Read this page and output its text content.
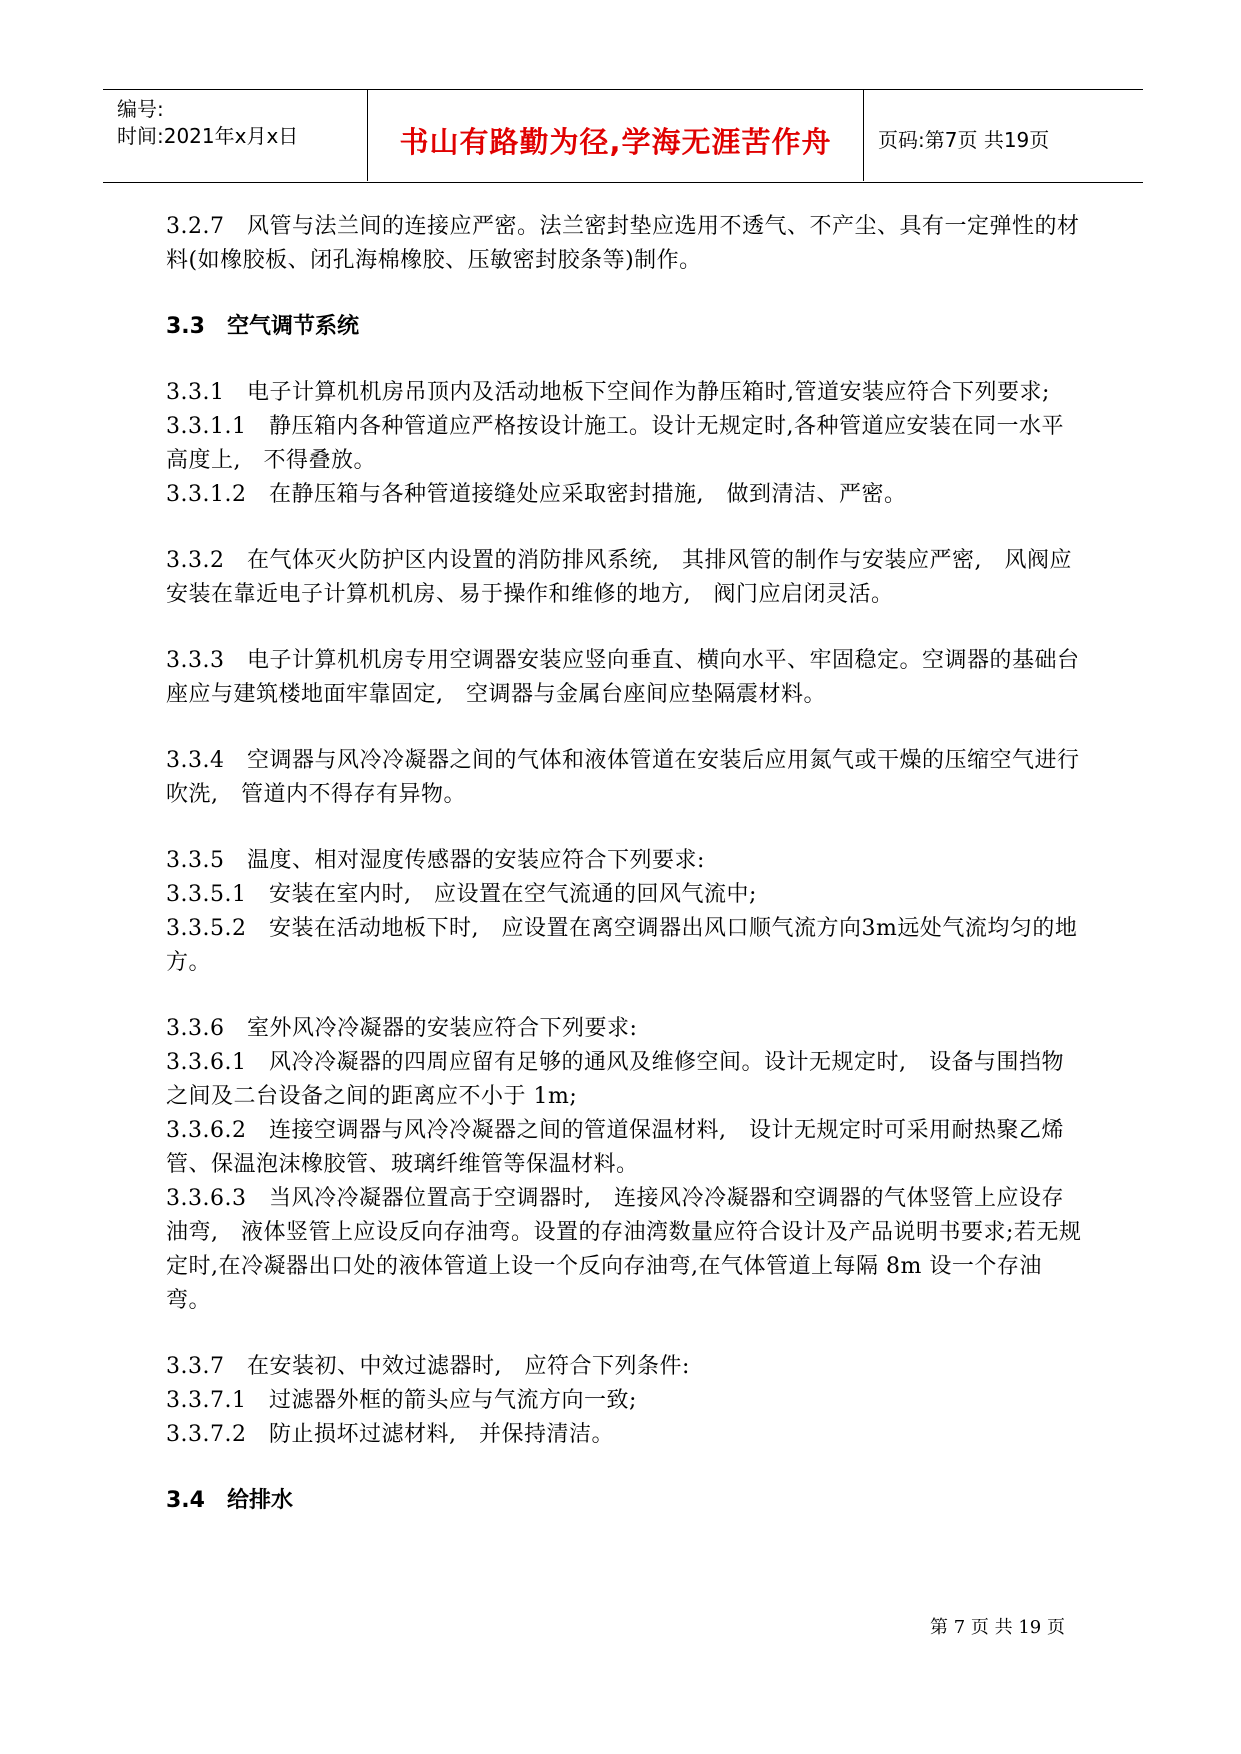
编号:
时间:2021年x月x日	书山有路勤为径,学海无涯苦作舟	页码:第7页 共19页

3.2.7　风管与法兰间的连接应严密。法兰密封垫应选用不透气、不产尘、具有一定弹性的材料(如橡胶板、闭孔海棉橡胶、压敏密封胶条等)制作。

3.3　空气调节系统

3.3.1　电子计算机机房吊顶内及活动地板下空间作为静压箱时,管道安装应符合下列要求;

3.3.1.1　静压箱内各种管道应严格按设计施工。设计无规定时,各种管道应安装在同一水平高度上,　不得叠放。

3.3.1.2　在静压箱与各种管道接缝处应采取密封措施,　做到清洁、严密。

3.3.2　在气体灭火防护区内设置的消防排风系统,　其排风管的制作与安装应严密,　风阀应安装在靠近电子计算机机房、易于操作和维修的地方,　阀门应启闭灵活。

3.3.3　电子计算机机房专用空调器安装应竖向垂直、横向水平、牢固稳定。空调器的基础台座应与建筑楼地面牢靠固定,　空调器与金属台座间应垫隔震材料。

3.3.4　空调器与风冷冷凝器之间的气体和液体管道在安装后应用氮气或干燥的压缩空气进行吹洗,　管道内不得存有异物。

3.3.5　温度、相对湿度传感器的安装应符合下列要求:

3.3.5.1　安装在室内时,　应设置在空气流通的回风气流中;

3.3.5.2　安装在活动地板下时,　应设置在离空调器出风口顺气流方向3m远处气流均匀的地方。

3.3.6　室外风冷冷凝器的安装应符合下列要求:

3.3.6.1　风冷冷凝器的四周应留有足够的通风及维修空间。设计无规定时,　设备与围挡物之间及二台设备之间的距离应不小于 1m;

3.3.6.2　连接空调器与风冷冷凝器之间的管道保温材料,　设计无规定时可采用耐热聚乙烯管、保温泡沫橡胶管、玻璃纤维管等保温材料。

3.3.6.3　当风冷冷凝器位置高于空调器时,　连接风冷冷凝器和空调器的气体竖管上应设存油弯,　液体竖管上应设反向存油弯。设置的存油湾数量应符合设计及产品说明书要求;若无规定时,在冷凝器出口处的液体管道上设一个反向存油弯,在气体管道上每隔 8m 设一个存油弯。

3.3.7　在安装初、中效过滤器时,　应符合下列条件:

3.3.7.1　过滤器外框的箭头应与气流方向一致;

3.3.7.2　防止损坏过滤材料,　并保持清洁。

3.4　给排水

第 7 页 共 19 页
